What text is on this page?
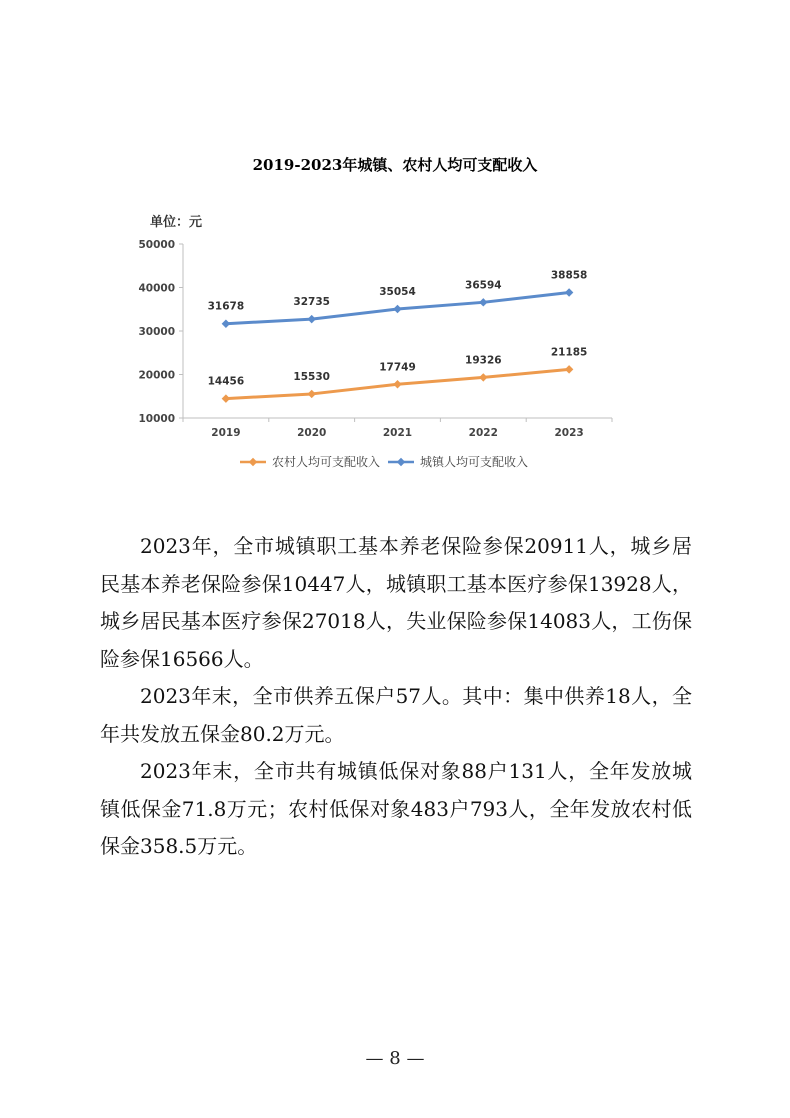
2019-2023年城镇、农村人均可支配收入
单位：元
10000
20000
30000
40000
50000
2019	2020	2021	2022	2023
14456	15530
17749
19326
21185
31678	32735
35054
36594
38858
农村人均可支配收入	城镇人均可支配收入

2023年，全市城镇职工基本养老保险参保20911人，城乡居民基本养老保险参保10447人，城镇职工基本医疗参保13928人，城乡居民基本医疗参保27018人，失业保险参保14083人，工伤保险参保16566人。

2023年末，全市供养五保户57人。其中：集中供养18人，全年共发放五保金80.2万元。

2023年末，全市共有城镇低保对象88户131人，全年发放城镇低保金71.8万元；农村低保对象483户793人，全年发放农村低保金358.5万元。

— 8 —
